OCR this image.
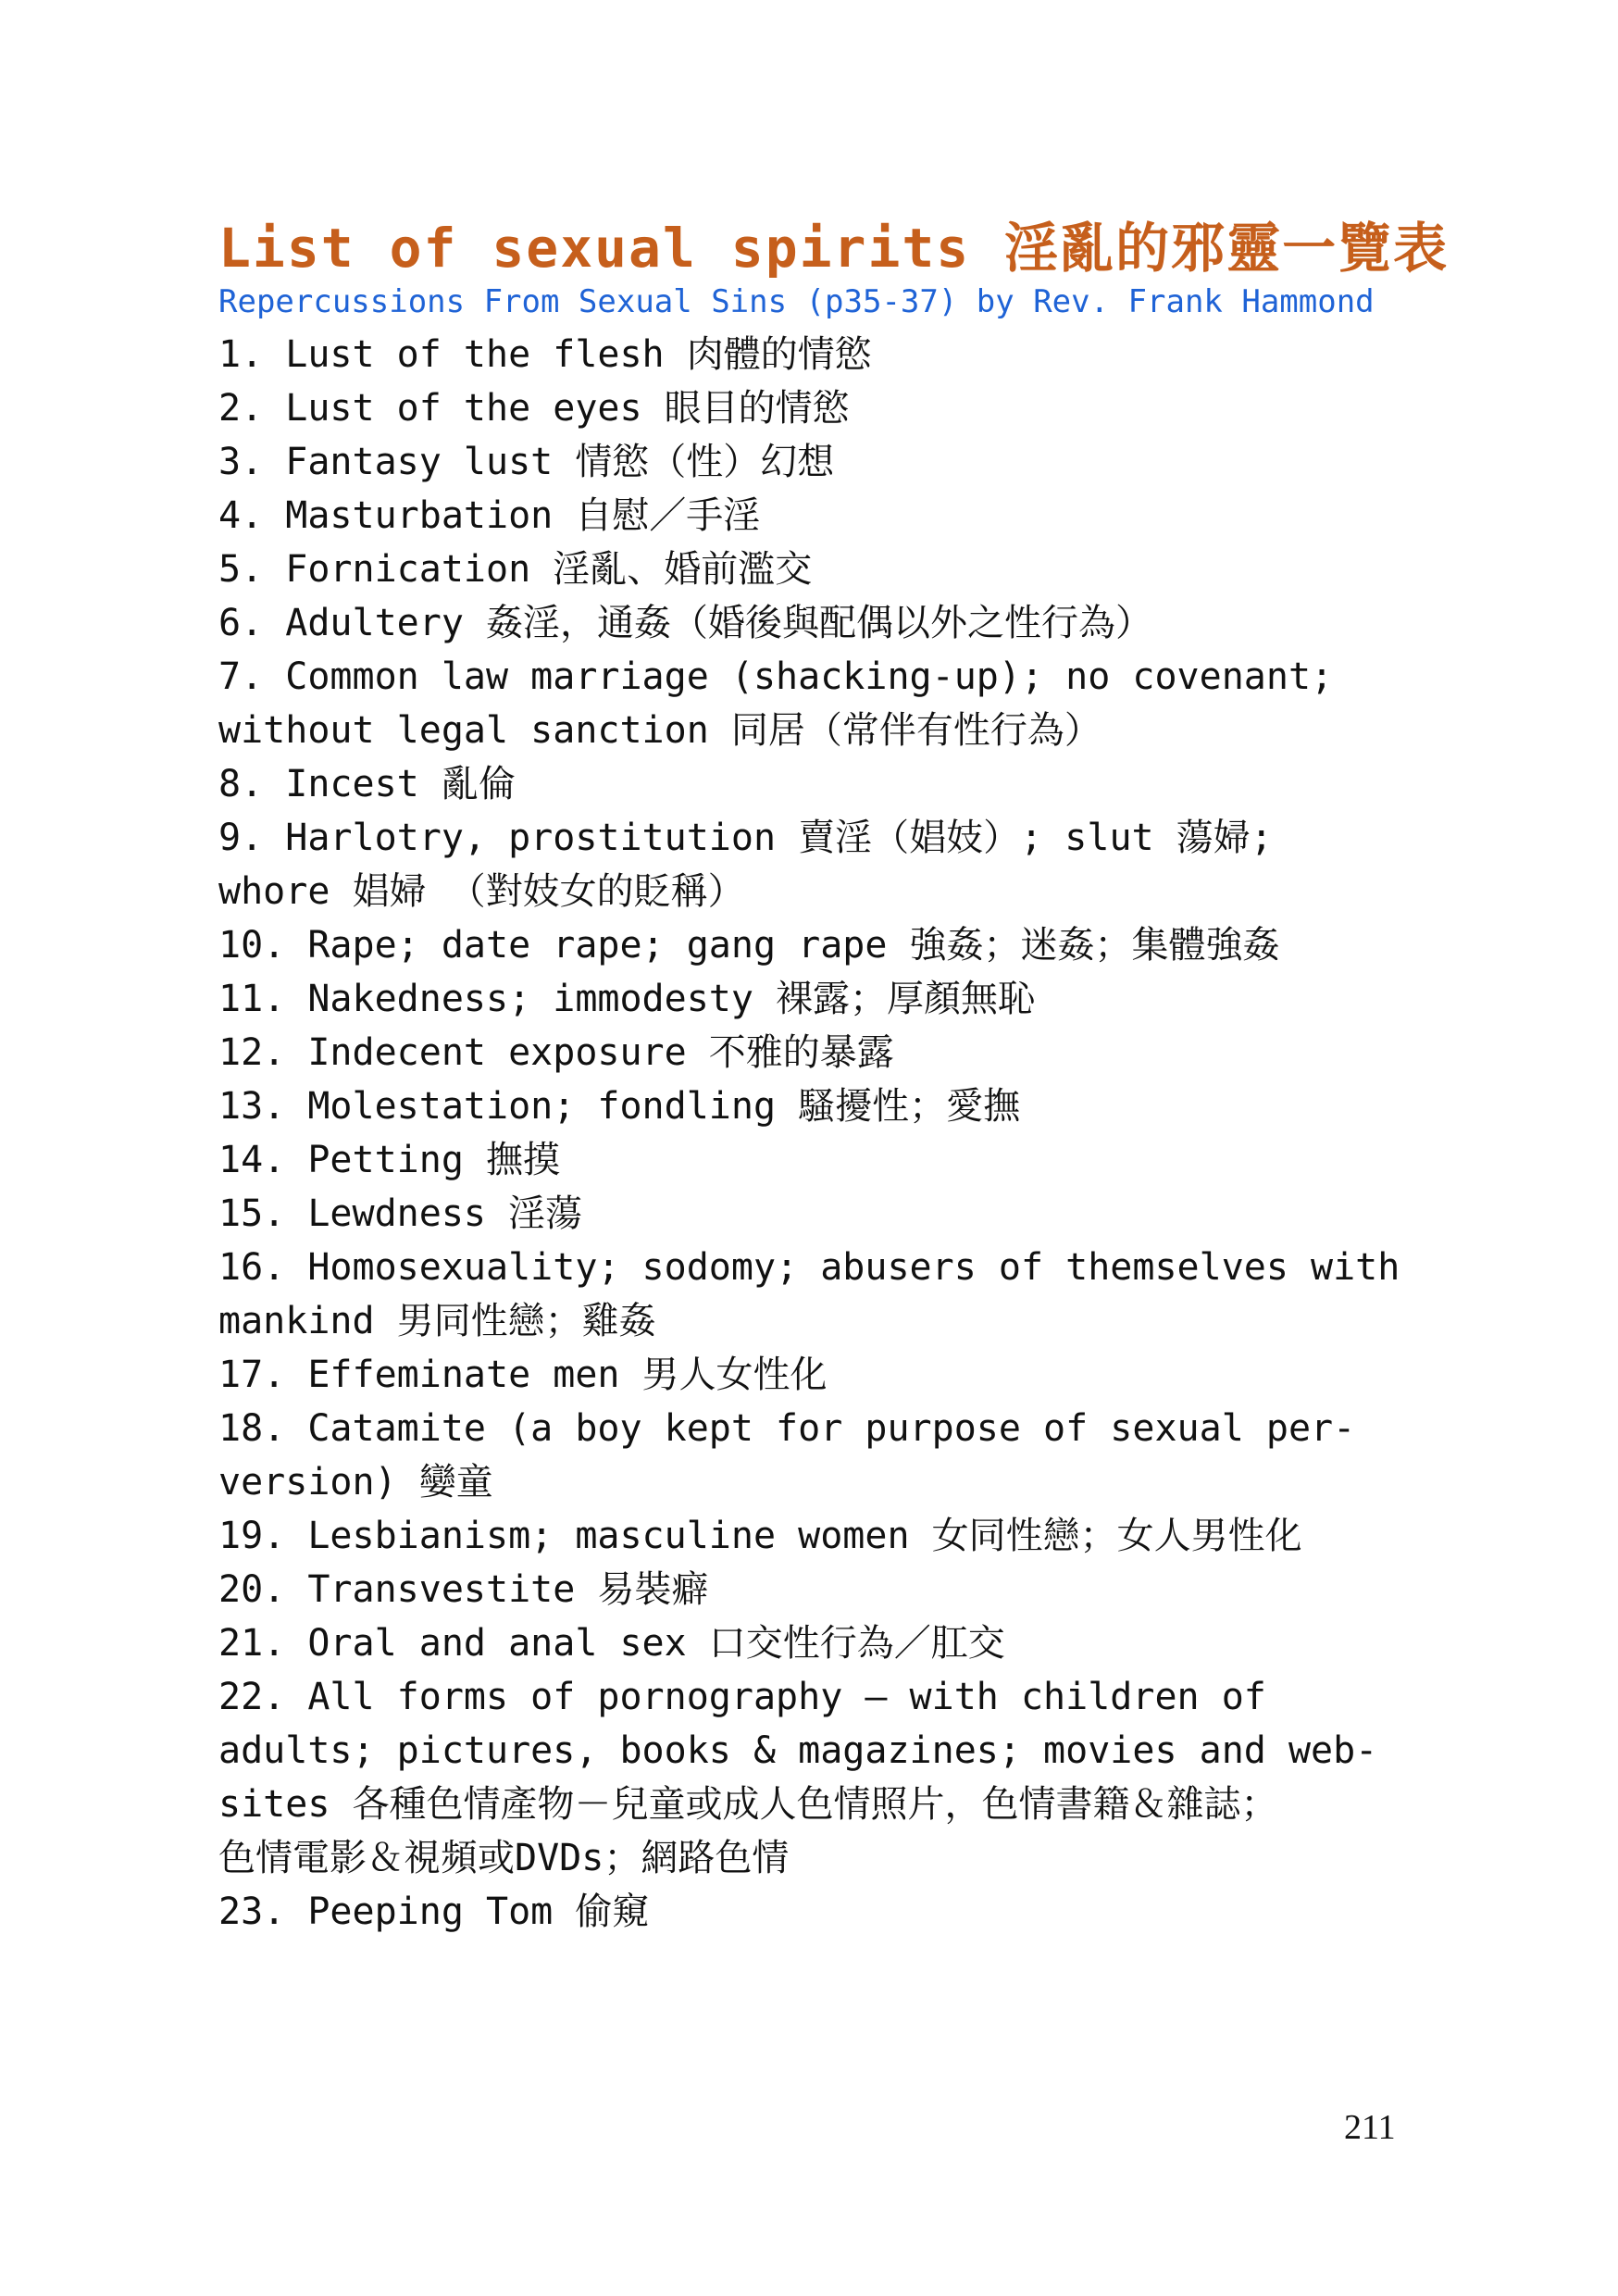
List of sexual spirits 淫亂的邪靈一覽表
Repercussions From Sexual Sins (p35-37) by Rev. Frank Hammond
1. Lust of the flesh 肉體的情慾
2. Lust of the eyes 眼目的情慾
3. Fantasy lust 情慾（性）幻想
4. Masturbation 自慰／手淫
5. Fornication 淫亂、婚前濫交
6. Adultery 姦淫，通姦（婚後與配偶以外之性行為）
7. Common law marriage (shacking-up); no covenant;
without legal sanction 同居（常伴有性行為）
8. Incest 亂倫
9. Harlotry, prostitution 賣淫（娼妓）; slut 蕩婦;
whore 娼婦 （對妓女的貶稱）
10. Rape; date rape; gang rape 強姦；迷姦；集體強姦
11. Nakedness; immodesty 裸露；厚顏無恥
12. Indecent exposure 不雅的暴露
13. Molestation; fondling 騷擾性；愛撫
14. Petting 撫摸
15. Lewdness 淫蕩
16. Homosexuality; sodomy; abusers of themselves with
mankind 男同性戀；雞姦
17. Effeminate men 男人女性化
18. Catamite (a boy kept for purpose of sexual per-
version) 孌童
19. Lesbianism; masculine women 女同性戀；女人男性化
20. Transvestite 易裝癖
21. Oral and anal sex 口交性行為／肛交
22. All forms of pornography – with children of
adults; pictures, books & magazines; movies and web-
sites 各種色情產物－兒童或成人色情照片，色情書籍＆雜誌；
色情電影＆視頻或DVDs；網路色情
23. Peeping Tom 偷窺
211
